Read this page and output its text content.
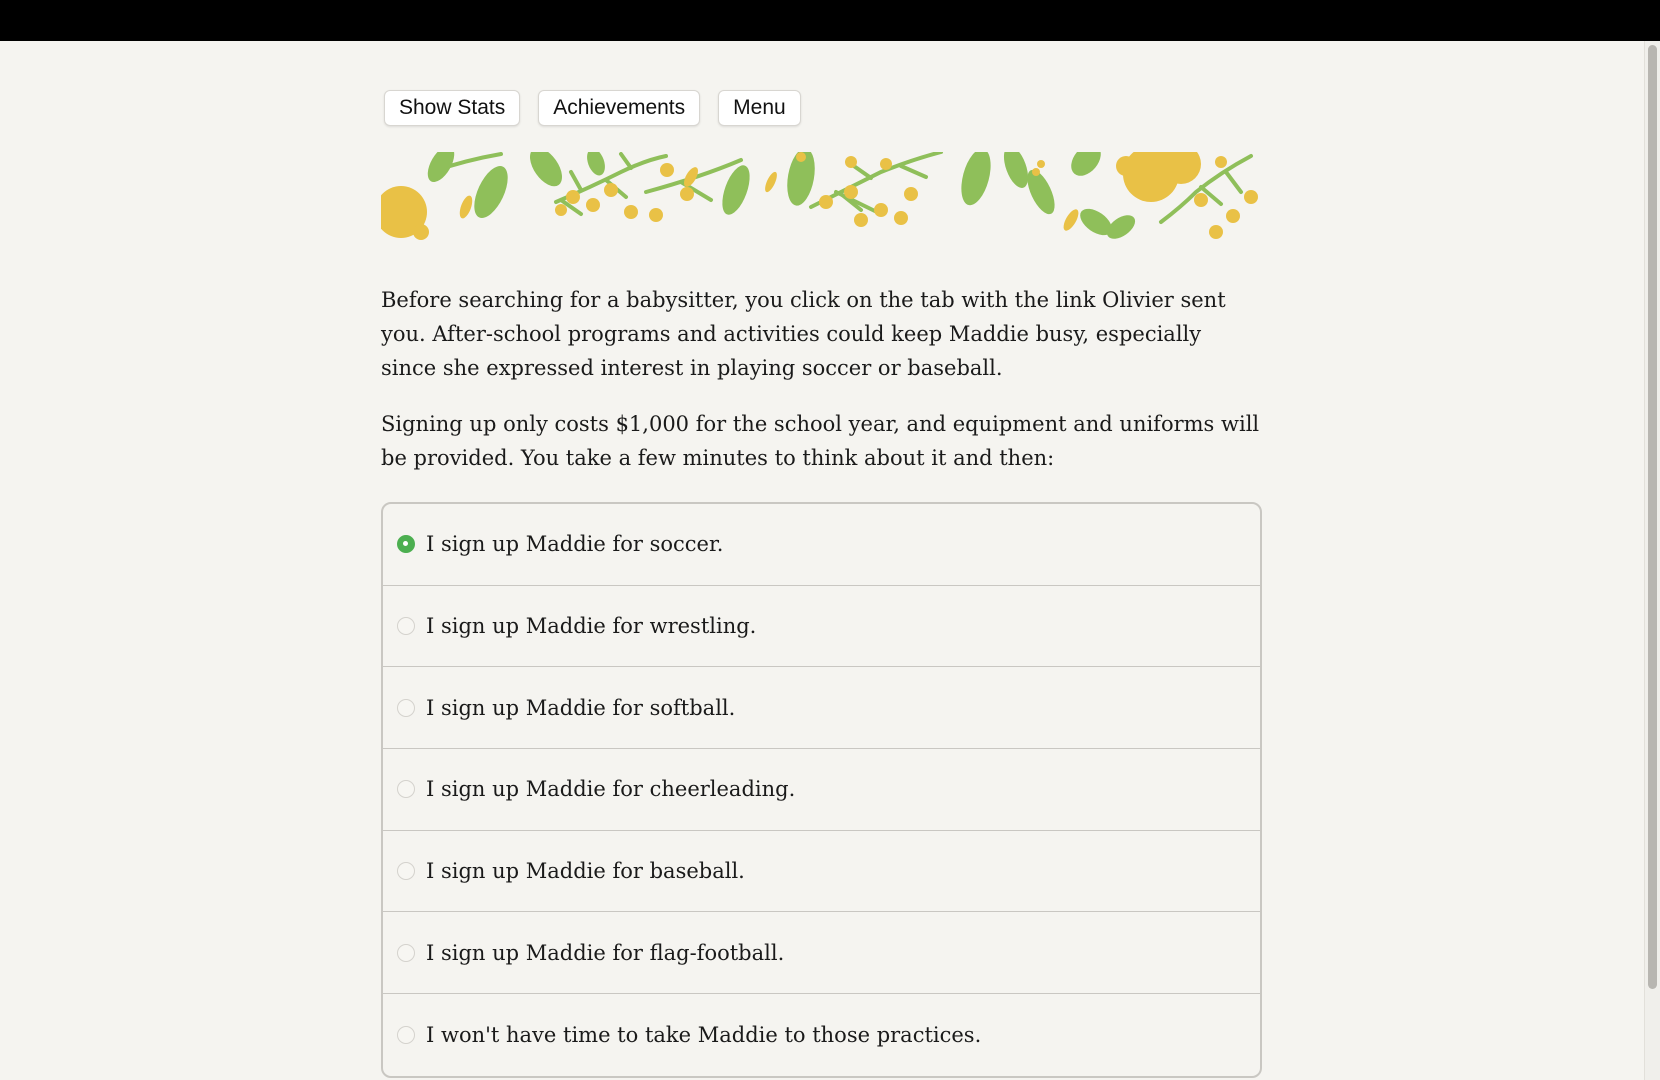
Show Stats	Achievements	Menu

Before searching for a babysitter, you click on the tab with the link Olivier sent you. After-school programs and activities could keep Maddie busy, especially since she expressed interest in playing soccer or baseball.

Signing up only costs $1,000 for the school year, and equipment and uniforms will be provided. You take a few minutes to think about it and then:

I sign up Maddie for soccer.
I sign up Maddie for wrestling.
I sign up Maddie for softball.
I sign up Maddie for cheerleading.
I sign up Maddie for baseball.
I sign up Maddie for flag-football.
I won't have time to take Maddie to those practices.
